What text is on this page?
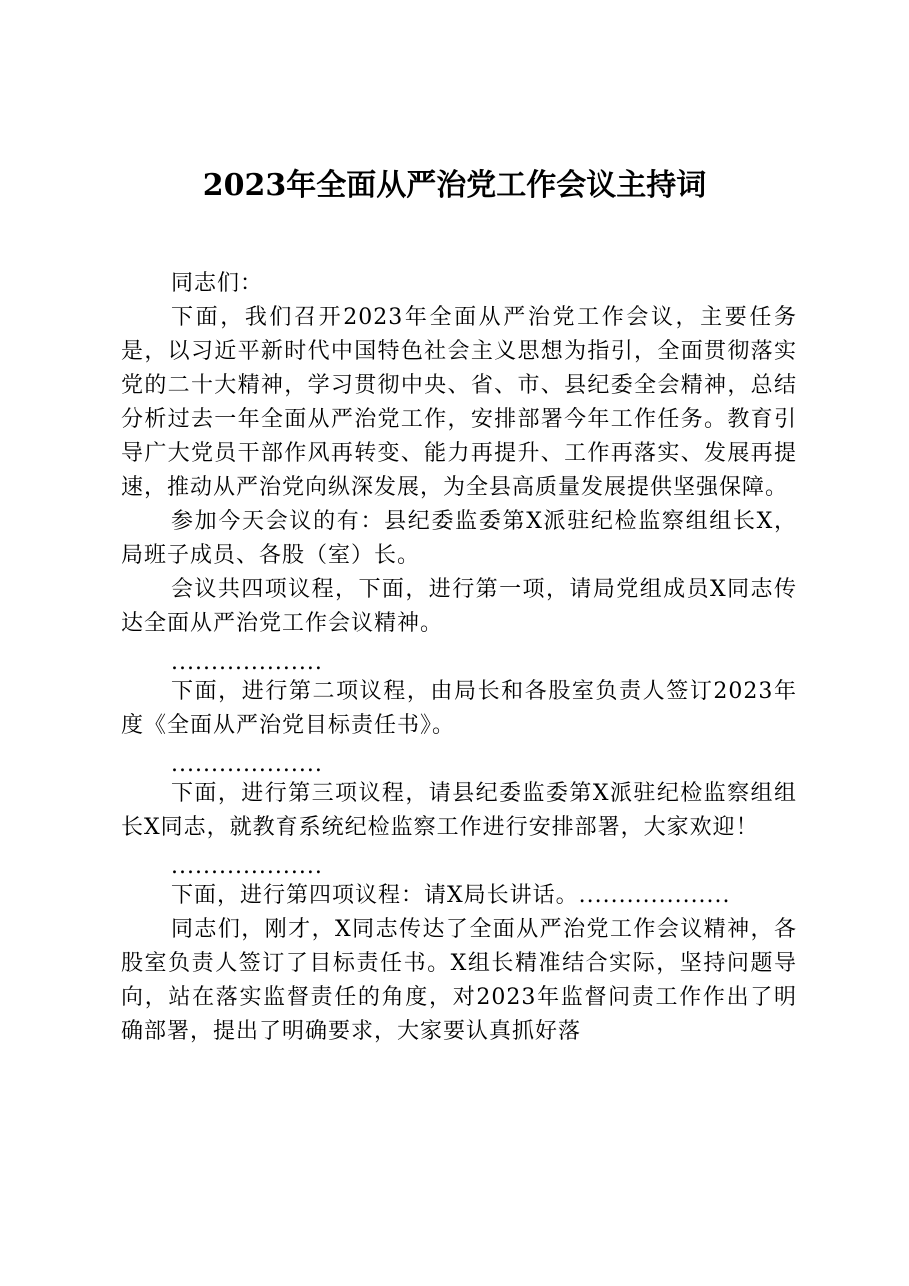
2023年全面从严治党工作会议主持词

同志们：

下面，我们召开2023年全面从严治党工作会议，主要任务是，以习近平新时代中国特色社会主义思想为指引，全面贯彻落实党的二十大精神，学习贯彻中央、省、市、县纪委全会精神，总结分析过去一年全面从严治党工作，安排部署今年工作任务。教育引导广大党员干部作风再转变、能力再提升、工作再落实、发展再提速，推动从严治党向纵深发展，为全县高质量发展提供坚强保障。

参加今天会议的有：县纪委监委第X派驻纪检监察组组长X，局班子成员、各股（室）长。

会议共四项议程，下面，进行第一项，请局党组成员X同志传达全面从严治党工作会议精神。

...................

下面，进行第二项议程，由局长和各股室负责人签订2023年度《全面从严治党目标责任书》。

...................

下面，进行第三项议程，请县纪委监委第X派驻纪检监察组组长X同志，就教育系统纪检监察工作进行安排部署，大家欢迎！

...................

下面，进行第四项议程：请X局长讲话。...................

同志们，刚才，X同志传达了全面从严治党工作会议精神，各股室负责人签订了目标责任书。X组长精准结合实际，坚持问题导向，站在落实监督责任的角度，对2023年监督问责工作作出了明确部署，提出了明确要求，大家要认真抓好落
